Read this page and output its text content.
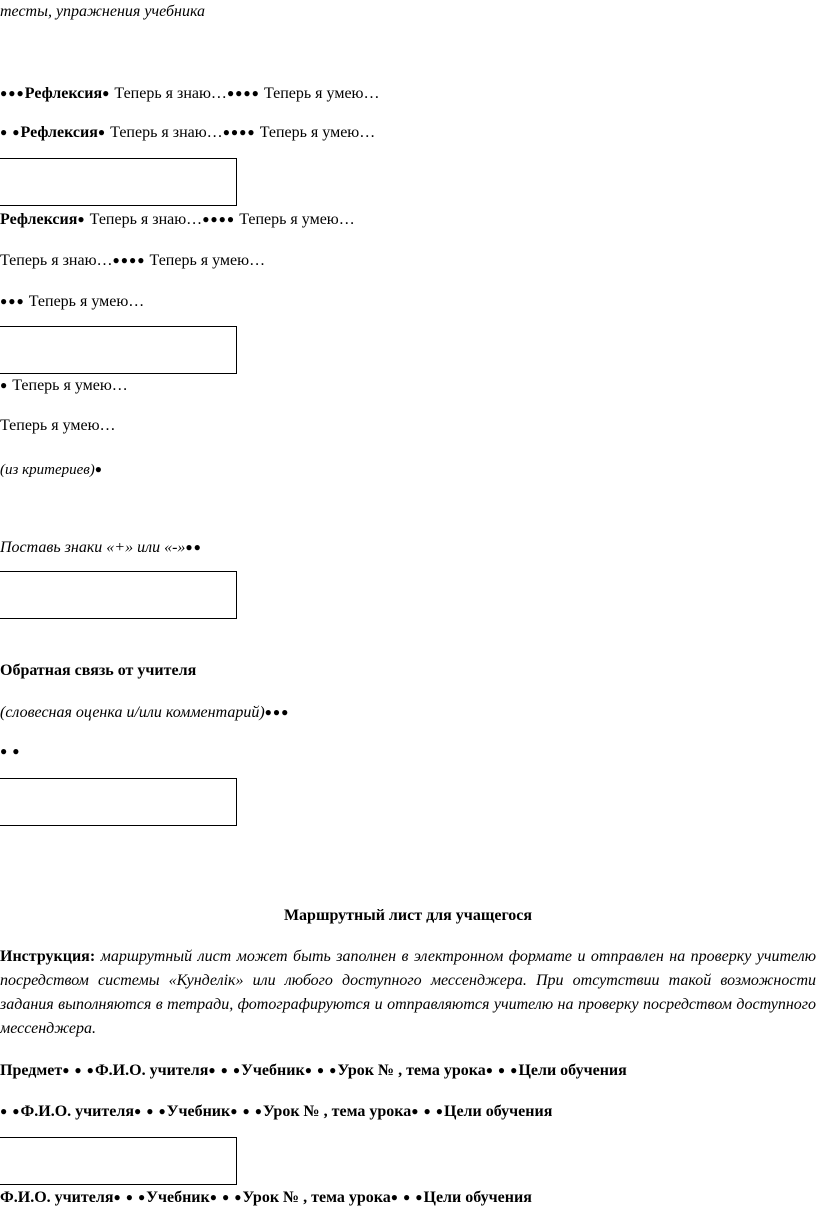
тесты, упражнения учебника
●●●Рефлексия● Теперь я знаю…●●●● Теперь я умею…
● ●Рефлексия● Теперь я знаю…●●●● Теперь я умею…
Рефлексия● Теперь я знаю…●●●● Теперь я умею…
Теперь я знаю…●●●● Теперь я умею…
●●● Теперь я умею…
● Теперь я умею…
Теперь я умею…
(из критериев)●
Поставь знаки «+» или «-»●●
Обратная связь от учителя
(словесная оценка и/или комментарий)●●●
● ●
Маршрутный лист для учащегося
Инструкция: маршрутный лист может быть заполнен в электронном формате и отправлен на проверку учителю посредством системы «Кунделік» или любого доступного мессенджера. При отсутствии такой возможности задания выполняются в тетради, фотографируются и отправляются учителю на проверку посредством доступного мессенджера.
Предмет● ● ●Ф.И.О. учителя● ● ●Учебник● ● ●Урок № , тема урока● ● ●Цели обучения
● ●Ф.И.О. учителя● ● ●Учебник● ● ●Урок № , тема урока● ● ●Цели обучения
Ф.И.О. учителя● ● ●Учебник● ● ●Урок № , тема урока● ● ●Цели обучения
